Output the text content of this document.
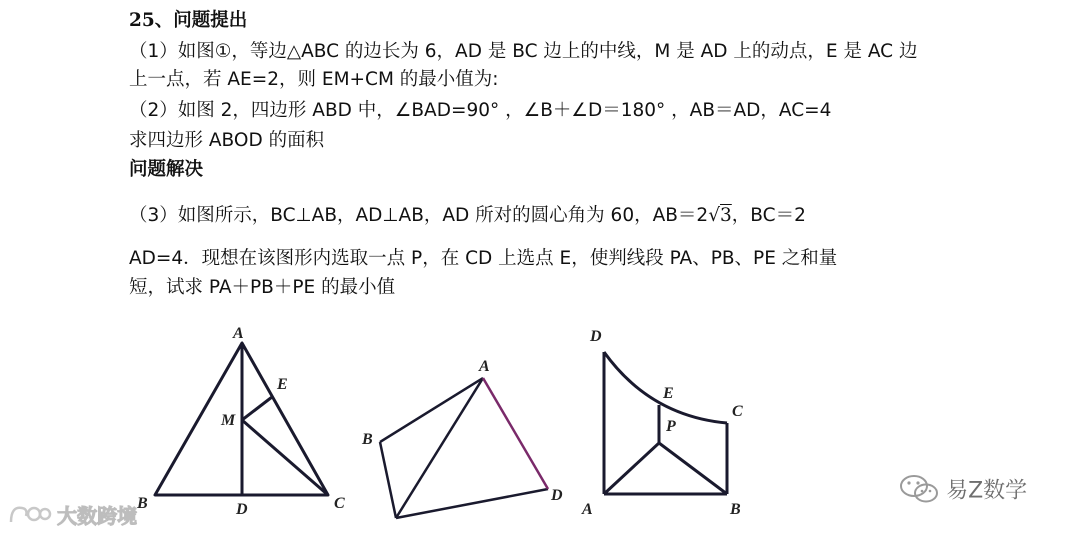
25、问题提出
（1）如图①，等边△ABC 的边长为 6，AD 是 BC 边上的中线，M 是 AD 上的动点，E 是 AC 边
上一点，若 AE=2，则 EM+CM 的最小值为:
（2）如图 2，四边形 ABD 中，∠BAD=90° ，∠B＋∠D＝180° ，AB＝AD，AC=4
求四边形 ABOD 的面积
问题解决
（3）如图所示，BC⊥AB，AD⊥AB，AD 所对的圆心角为 60，AB＝2√3，BC＝2
AD=4．现想在该图形内选取一点 P，在 CD 上选点 E，使判线段 PA、PB、PE 之和量
短，试求 PA＋PB＋PE 的最小值
A
B	C
D
E
M
A
B
D
D
E
C
P
A	B
大数跨境
易Z数学
